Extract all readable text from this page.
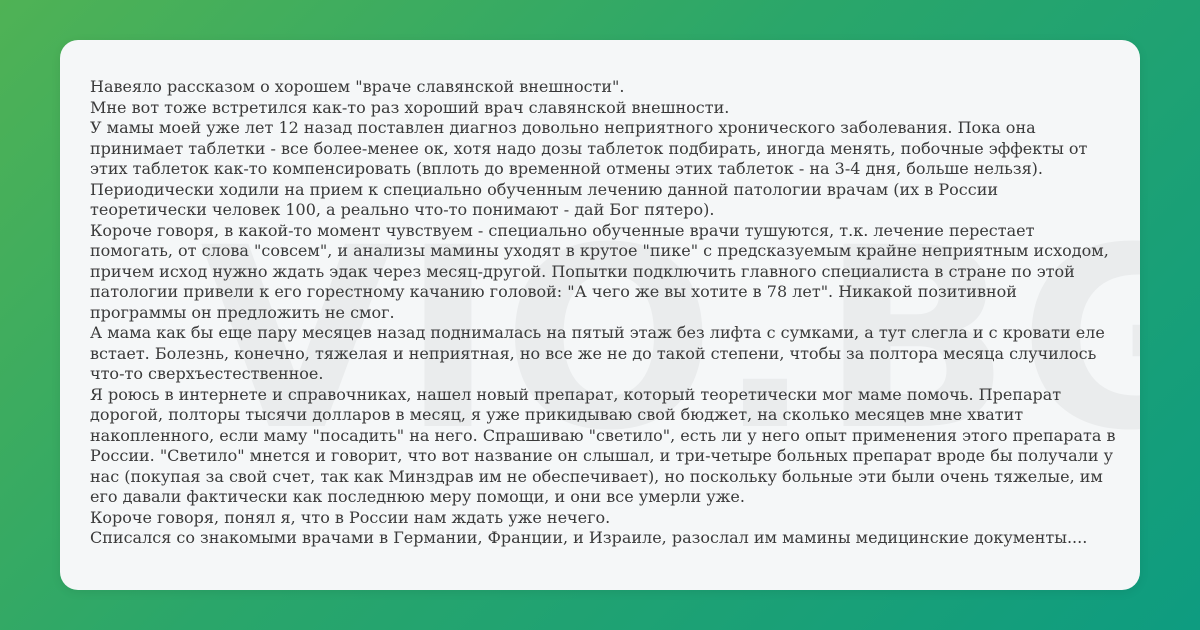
Навеяло рассказом о хорошем "враче славянской внешности".

Мне вот тоже встретился как-то раз хороший врач славянской внешности.

У мамы моей уже лет 12 назад поставлен диагноз довольно неприятного хронического заболевания. Пока она принимает таблетки - все более-менее ок, хотя надо дозы таблеток подбирать, иногда менять, побочные эффекты от этих таблеток как-то компенсировать (вплоть до временной отмены этих таблеток - на 3-4 дня, больше нельзя).

Периодически ходили на прием к специально обученным лечению данной патологии врачам (их в России теоретически человек 100, а реально что-то понимают - дай Бог пятеро).

Короче говоря, в какой-то момент чувствуем - специально обученные врачи тушуются, т.к. лечение перестает помогать, от слова "совсем", и анализы мамины уходят в крутое "пике" с предсказуемым крайне неприятным исходом, причем исход нужно ждать эдак через месяц-другой. Попытки подключить главного специалиста в стране по этой патологии привели к его горестному качанию головой: "А чего же вы хотите в 78 лет". Никакой позитивной программы он предложить не смог.

А мама как бы еще пару месяцев назад поднималась на пятый этаж без лифта с сумками, а тут слегла и с кровати еле встает. Болезнь, конечно, тяжелая и неприятная, но все же не до такой степени, чтобы за полтора месяца случилось что-то сверхъестественное.

Я роюсь в интернете и справочниках, нашел новый препарат, который теоретически мог маме помочь. Препарат дорогой, полторы тысячи долларов в месяц, я уже прикидываю свой бюджет, на сколько месяцев мне хватит накопленного, если маму "посадить" на него. Спрашиваю "светило", есть ли у него опыт применения этого препарата в России. "Светило" мнется и говорит, что вот название он слышал, и три-четыре больных препарат вроде бы получали у нас (покупая за свой счет, так как Минздрав им не обеспечивает), но поскольку больные эти были очень тяжелые, им его давали фактически как последнюю меру помощи, и они все умерли уже.

Короче говоря, понял я, что в России нам ждать уже нечего.

Списался со знакомыми врачами в Германии, Франции, и Израиле, разослал им мамины медицинские документы....
